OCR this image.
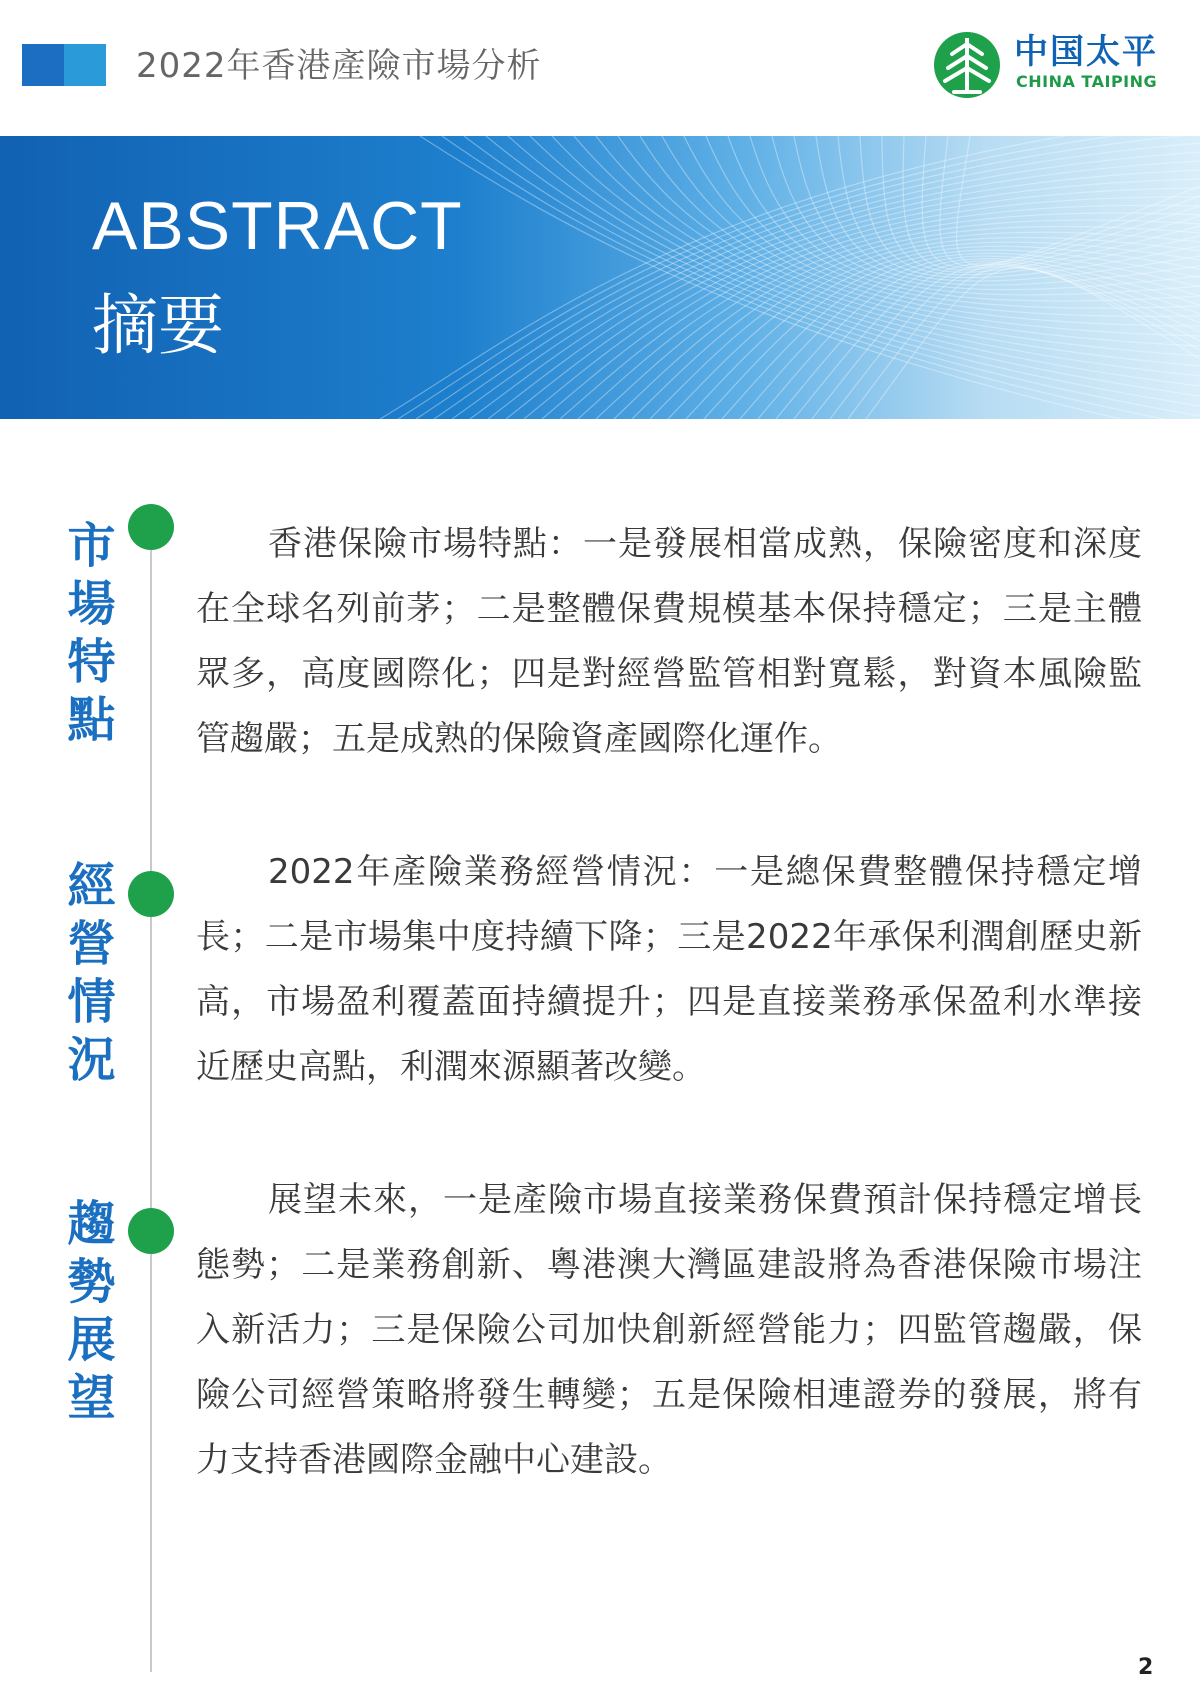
2022年香港產險市場分析	中国太平
CHINA TAIPING
ABSTRACT
摘要
市場特點	香港保險市場特點：一是發展相當成熟，保險密度和深度在全球名列前茅；二是整體保費規模基本保持穩定；三是主體眾多，高度國際化；四是對經營監管相對寬鬆，對資本風險監管趨嚴；五是成熟的保險資產國際化運作。

經營情況	2022年產險業務經營情況：一是總保費整體保持穩定增長；二是市場集中度持續下降；三是2022年承保利潤創歷史新高，市場盈利覆蓋面持續提升；四是直接業務承保盈利水準接近歷史高點，利潤來源顯著改變。

趨勢展望	展望未來，一是產險市場直接業務保費預計保持穩定增長態勢；二是業務創新、粵港澳大灣區建設將為香港保險市場注入新活力；三是保險公司加快創新經營能力；四監管趨嚴，保險公司經營策略將發生轉變；五是保險相連證券的發展，將有力支持香港國際金融中心建設。

2
